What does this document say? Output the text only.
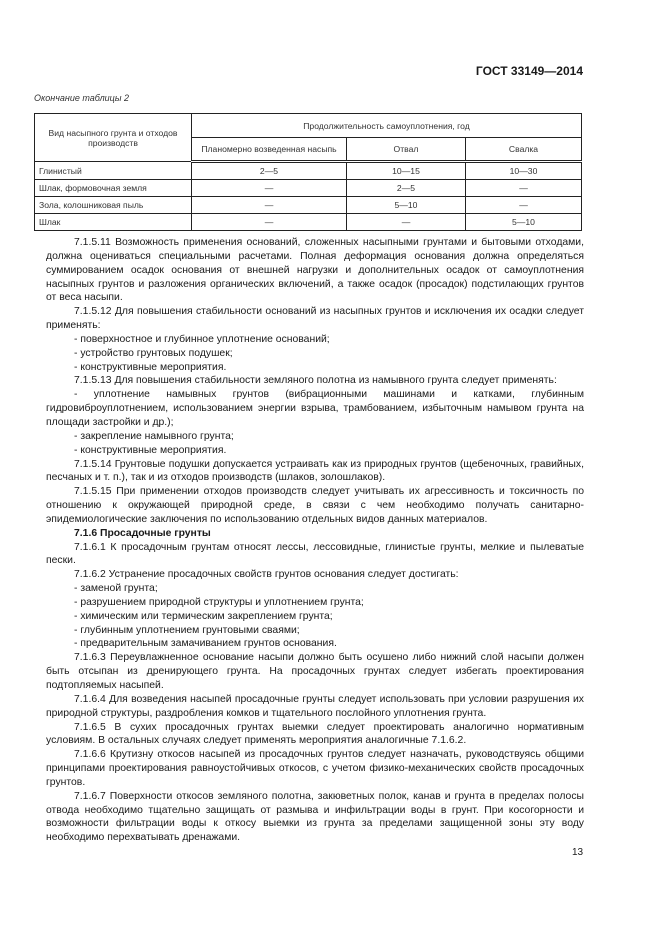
ГОСТ 33149—2014
Окончание таблицы 2
Вид насыпного грунта и отходов производств	Продолжительность самоуплотнения, год		
	Планомерно возведенная насыпь	Отвал	Свалка
Глинистый	2—5	10—15	10—30
Шлак, формовочная земля	—	2—5	—
Зола, колошниковая пыль	—	5—10	—
Шлак	—	—	5—10

7.1.5.11 Возможность применения оснований, сложенных насыпными грунтами и бытовыми отходами, должна оцениваться специальными расчетами. Полная деформация основания должна определяться суммированием осадок основания от внешней нагрузки и дополнительных осадок от самоуплотнения насыпных грунтов и разложения органических включений, а также осадок (просадок) подстилающих грунтов от веса насыпи.

7.1.5.12 Для повышения стабильности оснований из насыпных грунтов и исключения их осадки следует применять:

- поверхностное и глубинное уплотнение оснований;

- устройство грунтовых подушек;

- конструктивные мероприятия.

7.1.5.13 Для повышения стабильности земляного полотна из намывного грунта следует применять:

- уплотнение намывных грунтов (вибрационными машинами и катками, глубинным гидровиброуплотнением, использованием энергии взрыва, трамбованием, избыточным намывом грунта на площади застройки и др.);

- закрепление намывного грунта;

- конструктивные мероприятия.

7.1.5.14 Грунтовые подушки допускается устраивать как из природных грунтов (щебеночных, гравийных, песчаных и т. п.), так и из отходов производств (шлаков, золошлаков).

7.1.5.15 При применении отходов производств следует учитывать их агрессивность и токсичность по отношению к окружающей природной среде, в связи с чем необходимо получать санитарно-эпидемиологические заключения по использованию отдельных видов данных материалов.

7.1.6 Просадочные грунты

7.1.6.1 К просадочным грунтам относят лессы, лессовидные, глинистые грунты, мелкие и пылеватые пески.

7.1.6.2 Устранение просадочных свойств грунтов основания следует достигать:

- заменой грунта;

- разрушением природной структуры и уплотнением грунта;

- химическим или термическим закреплением грунта;

- глубинным уплотнением грунтовыми сваями;

- предварительным замачиванием грунтов основания.

7.1.6.3 Переувлажненное основание насыпи должно быть осушено либо нижний слой насыпи должен быть отсыпан из дренирующего грунта. На просадочных грунтах следует избегать проектирования подтопляемых насыпей.

7.1.6.4 Для возведения насыпей просадочные грунты следует использовать при условии разрушения их природной структуры, раздробления комков и тщательного послойного уплотнения грунта.

7.1.6.5 В сухих просадочных грунтах выемки следует проектировать аналогично нормативным условиям. В остальных случаях следует применять мероприятия аналогичные 7.1.6.2.

7.1.6.6 Крутизну откосов насыпей из просадочных грунтов следует назначать, руководствуясь общими принципами проектирования равноустойчивых откосов, с учетом физико-механических свойств просадочных грунтов.

7.1.6.7 Поверхности откосов земляного полотна, закюветных полок, канав и грунта в пределах полосы отвода необходимо тщательно защищать от размыва и инфильтрации воды в грунт. При косогорности и возможности фильтрации воды к откосу выемки из грунта за пределами защищенной зоны эту воду необходимо перехватывать дренажами.

13
